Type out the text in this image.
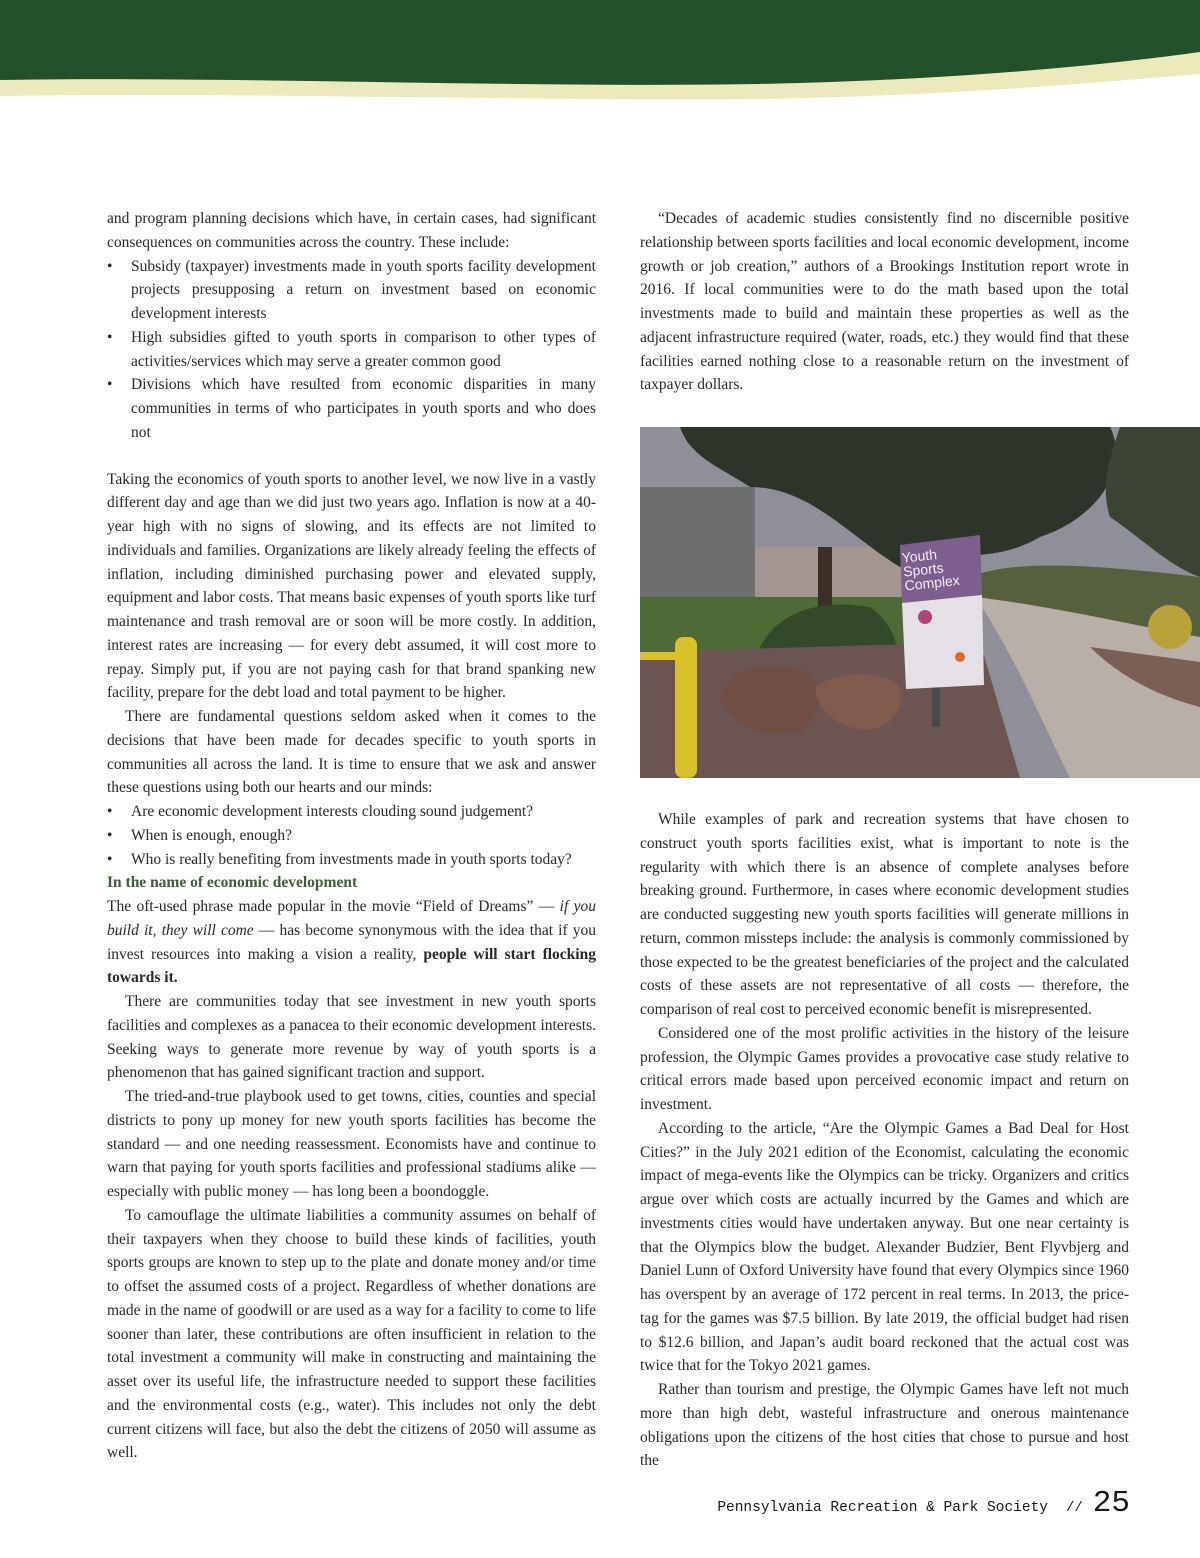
and program planning decisions which have, in certain cases, had significant consequences on communities across the country. These include:

• Subsidy (taxpayer) investments made in youth sports facility development projects presupposing a return on investment based on economic development interests
• High subsidies gifted to youth sports in comparison to other types of activities/services which may serve a greater common good
• Divisions which have resulted from economic disparities in many communities in terms of who participates in youth sports and who does not

Taking the economics of youth sports to another level, we now live in a vastly different day and age than we did just two years ago. Inflation is now at a 40-year high with no signs of slowing, and its effects are not limited to individuals and families. Organizations are likely already feeling the effects of inflation, including diminished purchasing power and elevated supply, equipment and labor costs. That means basic expenses of youth sports like turf maintenance and trash removal are or soon will be more costly. In addition, interest rates are increasing — for every debt assumed, it will cost more to repay. Simply put, if you are not paying cash for that brand spanking new facility, prepare for the debt load and total payment to be higher.

There are fundamental questions seldom asked when it comes to the decisions that have been made for decades specific to youth sports in communities all across the land. It is time to ensure that we ask and answer these questions using both our hearts and our minds:

• Are economic development interests clouding sound judgement?
• When is enough, enough?
• Who is really benefiting from investments made in youth sports today?

In the name of economic development

The oft-used phrase made popular in the movie “Field of Dreams” — if you build it, they will come — has become synonymous with the idea that if you invest resources into making a vision a reality, people will start flocking towards it.

There are communities today that see investment in new youth sports facilities and complexes as a panacea to their economic development interests. Seeking ways to generate more revenue by way of youth sports is a phenomenon that has gained significant traction and support.

The tried-and-true playbook used to get towns, cities, counties and special districts to pony up money for new youth sports facilities has become the standard — and one needing reassessment. Economists have and continue to warn that paying for youth sports facilities and professional stadiums alike — especially with public money — has long been a boondoggle.

To camouflage the ultimate liabilities a community assumes on behalf of their taxpayers when they choose to build these kinds of facilities, youth sports groups are known to step up to the plate and donate money and/or time to offset the assumed costs of a project. Regardless of whether donations are made in the name of goodwill or are used as a way for a facility to come to life sooner than later, these contributions are often insufficient in relation to the total investment a community will make in constructing and maintaining the asset over its useful life, the infrastructure needed to support these facilities and the environmental costs (e.g., water). This includes not only the debt current citizens will face, but also the debt the citizens of 2050 will assume as well.

“Decades of academic studies consistently find no discernible positive relationship between sports facilities and local economic development, income growth or job creation,” authors of a Brookings Institution report wrote in 2016. If local communities were to do the math based upon the total investments made to build and maintain these properties as well as the adjacent infrastructure required (water, roads, etc.) they would find that these facilities earned nothing close to a reasonable return on the investment of taxpayer dollars.

Youth Sports Complex

While examples of park and recreation systems that have chosen to construct youth sports facilities exist, what is important to note is the regularity with which there is an absence of complete analyses before breaking ground. Furthermore, in cases where economic development studies are conducted suggesting new youth sports facilities will generate millions in return, common missteps include: the analysis is commonly commissioned by those expected to be the greatest beneficiaries of the project and the calculated costs of these assets are not representative of all costs — therefore, the comparison of real cost to perceived economic benefit is misrepresented.

Considered one of the most prolific activities in the history of the leisure profession, the Olympic Games provides a provocative case study relative to critical errors made based upon perceived economic impact and return on investment.

According to the article, “Are the Olympic Games a Bad Deal for Host Cities?” in the July 2021 edition of the Economist, calculating the economic impact of mega-events like the Olympics can be tricky. Organizers and critics argue over which costs are actually incurred by the Games and which are investments cities would have undertaken anyway. But one near certainty is that the Olympics blow the budget. Alexander Budzier, Bent Flyvbjerg and Daniel Lunn of Oxford University have found that every Olympics since 1960 has overspent by an average of 172 percent in real terms. In 2013, the price-tag for the games was $7.5 billion. By late 2019, the official budget had risen to $12.6 billion, and Japan’s audit board reckoned that the actual cost was twice that for the Tokyo 2021 games.

Rather than tourism and prestige, the Olympic Games have left not much more than high debt, wasteful infrastructure and onerous maintenance obligations upon the citizens of the host cities that chose to pursue and host the

Pennsylvania Recreation & Park Society // 25
